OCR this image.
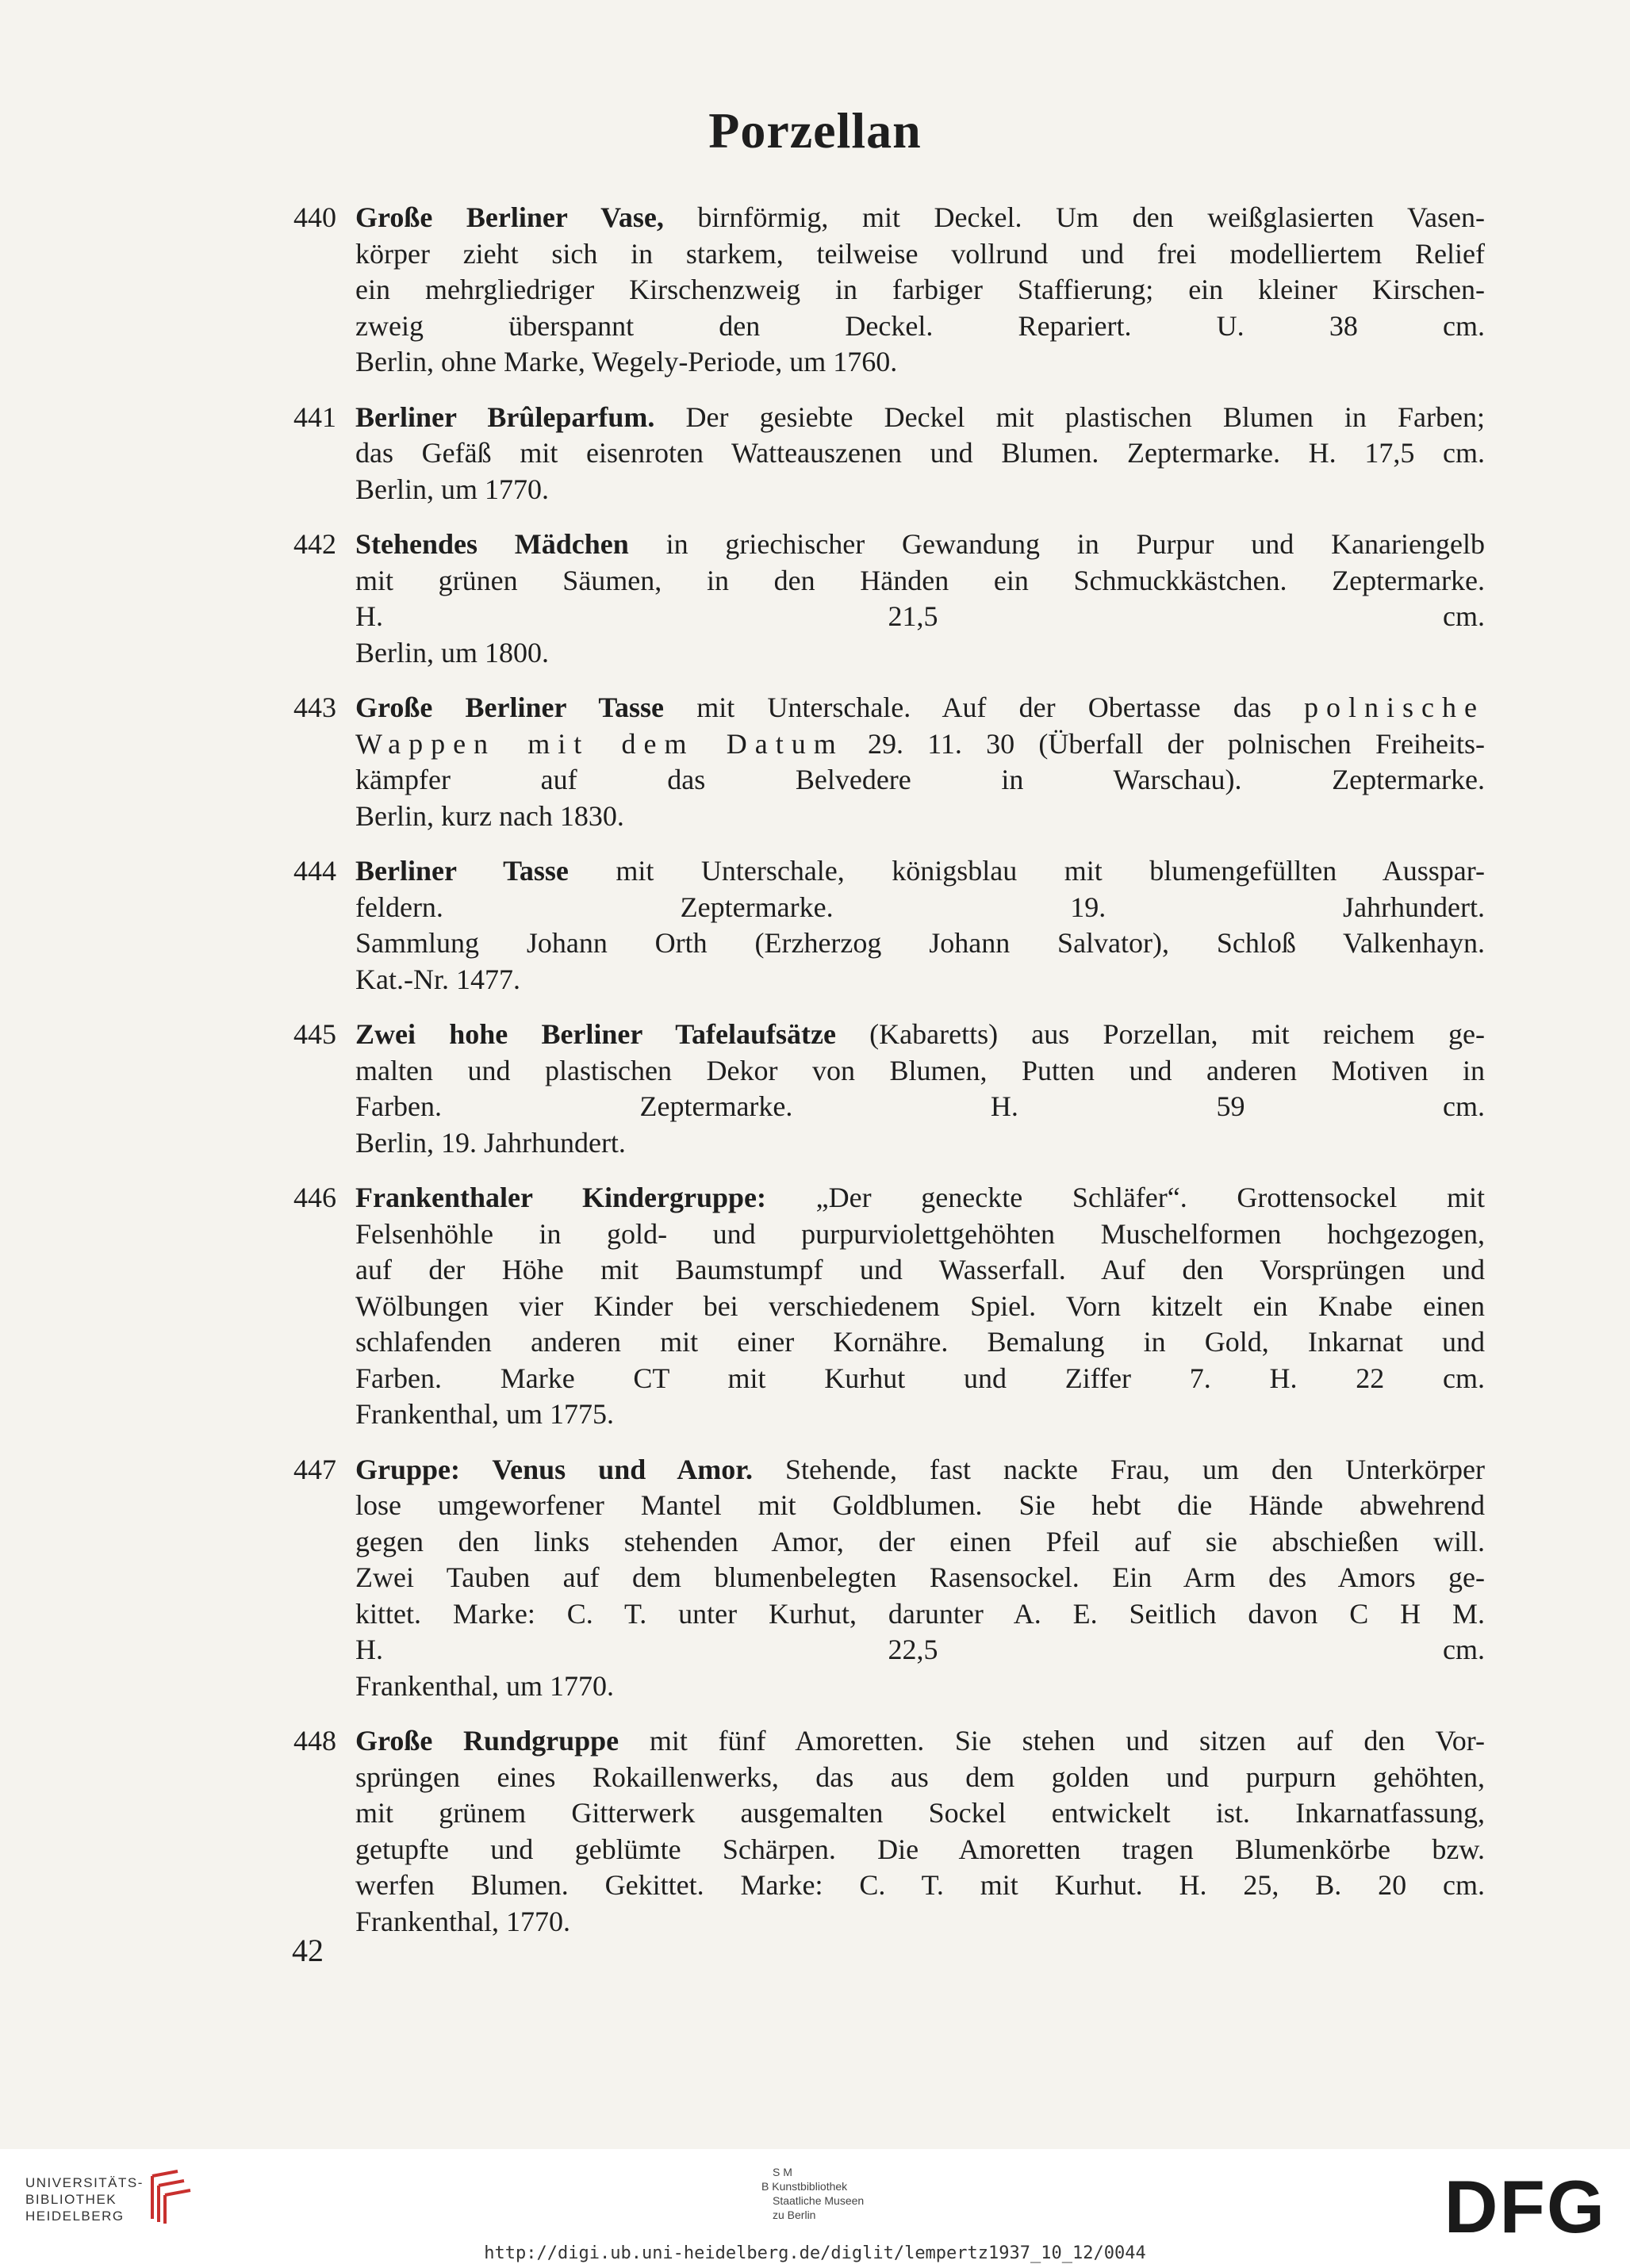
Porzellan
440 Große Berliner Vase, birnförmig, mit Deckel. Um den weißglasierten Vasen-
körper zieht sich in starkem, teilweise vollrund und frei modelliertem Relief
ein mehrgliedriger Kirschenzweig in farbiger Staffierung; ein kleiner Kirschen-
zweig überspannt den Deckel. Repariert. U. 38 cm.
Berlin, ohne Marke, Wegely-Periode, um 1760.
441 Berliner Brûleparfum. Der gesiebte Deckel mit plastischen Blumen in Farben;
das Gefäß mit eisenroten Watteauszenen und Blumen. Zeptermarke. H. 17,5 cm.
Berlin, um 1770.
442 Stehendes Mädchen in griechischer Gewandung in Purpur und Kanariengelb
mit grünen Säumen, in den Händen ein Schmuckkästchen. Zeptermarke.
H. 21,5 cm.
Berlin, um 1800.
443 Große Berliner Tasse mit Unterschale. Auf der Obertasse das polnische
Wappen mit dem Datum 29. 11. 30 (Überfall der polnischen Freiheits-
kämpfer auf das Belvedere in Warschau). Zeptermarke.
Berlin, kurz nach 1830.
444 Berliner Tasse mit Unterschale, königsblau mit blumengefüllten Ausspar-
feldern. Zeptermarke. 19. Jahrhundert.
Sammlung Johann Orth (Erzherzog Johann Salvator), Schloß Valkenhayn.
Kat.-Nr. 1477.
445 Zwei hohe Berliner Tafelaufsätze (Kabaretts) aus Porzellan, mit reichem ge-
malten und plastischen Dekor von Blumen, Putten und anderen Motiven in
Farben. Zeptermarke. H. 59 cm.
Berlin, 19. Jahrhundert.
446 Frankenthaler Kindergruppe: „Der geneckte Schläfer“. Grottensockel mit
Felsenhöhle in gold- und purpurviolettgehöhten Muschelformen hochgezogen,
auf der Höhe mit Baumstumpf und Wasserfall. Auf den Vorsprüngen und
Wölbungen vier Kinder bei verschiedenem Spiel. Vorn kitzelt ein Knabe einen
schlafenden anderen mit einer Kornähre. Bemalung in Gold, Inkarnat und
Farben. Marke CT mit Kurhut und Ziffer 7. H. 22 cm.
Frankenthal, um 1775.
447 Gruppe: Venus und Amor. Stehende, fast nackte Frau, um den Unterkörper
lose umgeworfener Mantel mit Goldblumen. Sie hebt die Hände abwehrend
gegen den links stehenden Amor, der einen Pfeil auf sie abschießen will.
Zwei Tauben auf dem blumenbelegten Rasensockel. Ein Arm des Amors ge-
kittet. Marke: C. T. unter Kurhut, darunter A. E. Seitlich davon C H M.
H. 22,5 cm.
Frankenthal, um 1770.
448 Große Rundgruppe mit fünf Amoretten. Sie stehen und sitzen auf den Vor-
sprüngen eines Rokaillenwerks, das aus dem golden und purpurn gehöhten,
mit grünem Gitterwerk ausgemalten Sockel entwickelt ist. Inkarnatfassung,
getupfte und geblümte Schärpen. Die Amoretten tragen Blumenkörbe bzw.
werfen Blumen. Gekittet. Marke: C. T. mit Kurhut. H. 25, B. 20 cm.
Frankenthal, 1770.
42
UNIVERSITÄTS-
BIBLIOTHEK
HEIDELBERG
S M
B Kunstbibliothek
Staatliche Museen
zu Berlin	DFG
http://digi.ub.uni-heidelberg.de/diglit/lempertz1937_10_12/0044
